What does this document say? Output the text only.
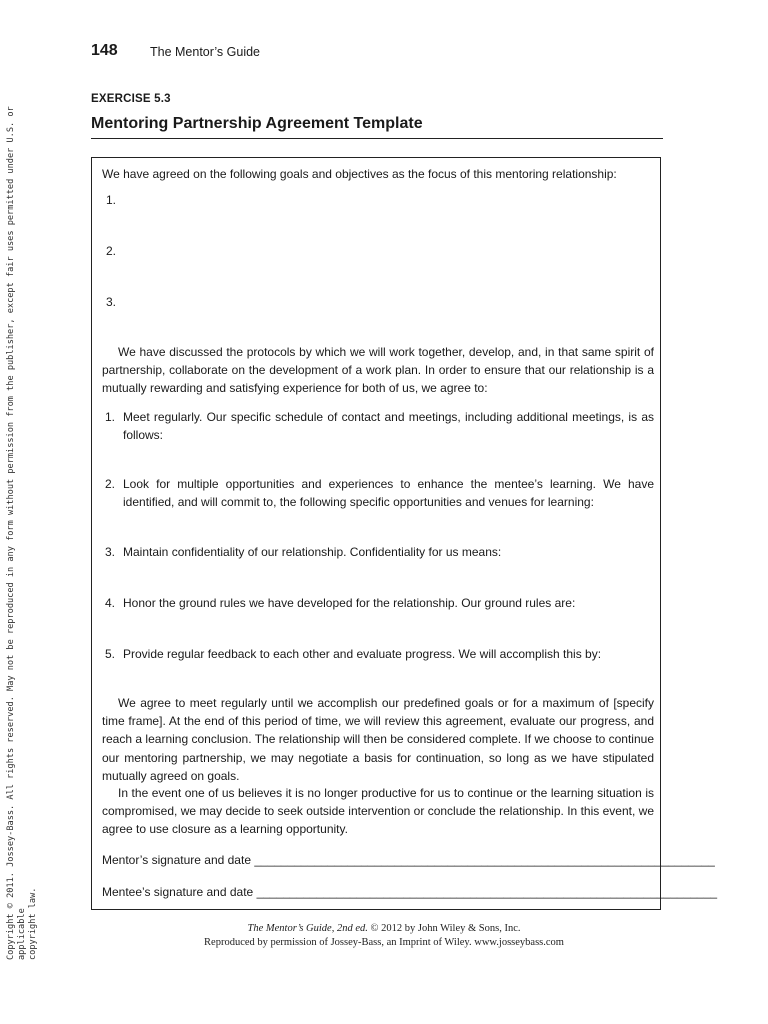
Copyright © 2011. Jossey-Bass. All rights reserved. May not be reproduced in any form without permission from the publisher, except fair uses permitted under U.S. or applicable
copyright law.
148	The Mentor’s Guide
EXERCISE 5.3
Mentoring Partnership Agreement Template
We have agreed on the following goals and objectives as the focus of this mentoring relationship:
1.
2.
3.
We have discussed the protocols by which we will work together, develop, and, in that same spirit of partnership, collaborate on the development of a work plan. In order to ensure that our relationship is a mutually rewarding and satisfying experience for both of us, we agree to:
1. Meet regularly. Our specific schedule of contact and meetings, including additional meetings, is as follows:
2. Look for multiple opportunities and experiences to enhance the mentee’s learning. We have identified, and will commit to, the following specific opportunities and venues for learning:
3. Maintain confidentiality of our relationship. Confidentiality for us means:
4. Honor the ground rules we have developed for the relationship. Our ground rules are:
5. Provide regular feedback to each other and evaluate progress. We will accomplish this by:
We agree to meet regularly until we accomplish our predefined goals or for a maximum of [specify time frame]. At the end of this period of time, we will review this agreement, evaluate our progress, and reach a learning conclusion. The relationship will then be considered complete. If we choose to continue our mentoring partnership, we may negotiate a basis for continuation, so long as we have stipulated mutually agreed on goals.
In the event one of us believes it is no longer productive for us to continue or the learning situation is compromised, we may decide to seek outside intervention or conclude the relationship. In this event, we agree to use closure as a learning opportunity.
Mentor’s signature and date _____________________________________________________________________
Mentee’s signature and date _____________________________________________________________________
The Mentor’s Guide, 2nd ed. © 2012 by John Wiley & Sons, Inc.
Reproduced by permission of Jossey-Bass, an Imprint of Wiley. www.josseybass.com
